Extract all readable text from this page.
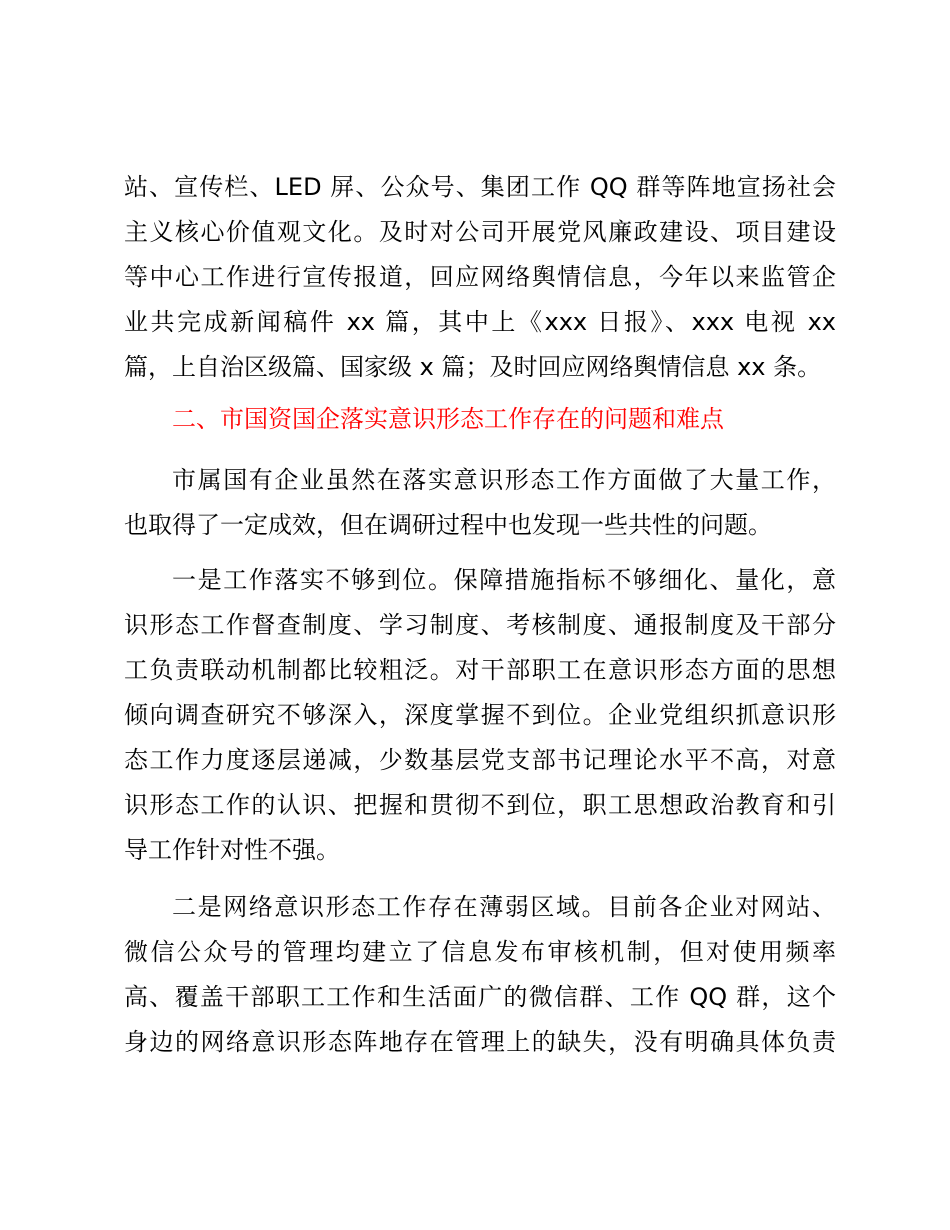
站、宣传栏、LED 屏、公众号、集团工作 QQ 群等阵地宣扬社会
主义核心价值观文化。及时对公司开展党风廉政建设、项目建设
等中心工作进行宣传报道，回应网络舆情信息，今年以来监管企
业共完成新闻稿件 xx 篇，其中上《xxx 日报》、xxx 电视 xx
篇，上自治区级篇、国家级 x 篇；及时回应网络舆情信息 xx 条。
二、市国资国企落实意识形态工作存在的问题和难点
市属国有企业虽然在落实意识形态工作方面做了大量工作，
也取得了一定成效，但在调研过程中也发现一些共性的问题。
一是工作落实不够到位。保障措施指标不够细化、量化，意
识形态工作督查制度、学习制度、考核制度、通报制度及干部分
工负责联动机制都比较粗泛。对干部职工在意识形态方面的思想
倾向调查研究不够深入，深度掌握不到位。企业党组织抓意识形
态工作力度逐层递减，少数基层党支部书记理论水平不高，对意
识形态工作的认识、把握和贯彻不到位，职工思想政治教育和引
导工作针对性不强。
二是网络意识形态工作存在薄弱区域。目前各企业对网站、
微信公众号的管理均建立了信息发布审核机制，但对使用频率
高、覆盖干部职工工作和生活面广的微信群、工作 QQ 群，这个
身边的网络意识形态阵地存在管理上的缺失，没有明确具体负责
